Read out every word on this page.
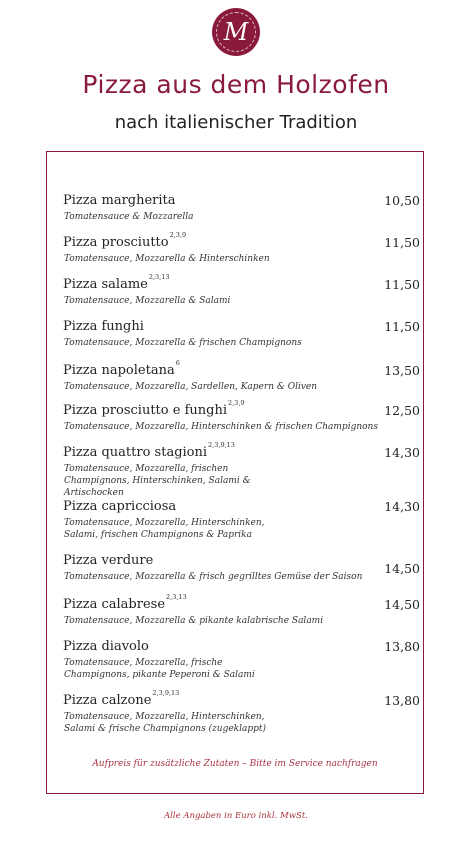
M
Pizza aus dem Holzofen
nach italienischer Tradition
Pizza margherita
Tomatensauce & Mozzarella
10,50
Pizza prosciutto$^{2,3,9}$
Tomatensauce, Mozzarella & Hinterschinken
11,50
Pizza salame$^{2,3,13}$
Tomatensauce, Mozzarella & Salami
11,50
Pizza funghi
Tomatensauce, Mozzarella & frischen Champignons
11,50
Pizza napoletana$^6$
Tomatensauce, Mozzarella, Sardellen, Kapern & Oliven
13,50
Pizza prosciutto e funghi$^{2,3,9}$
Tomatensauce, Mozzarella, Hinterschinken & frischen Champignons
12,50
Pizza quattro stagioni$^{2,3,9,13}$
Tomatensauce, Mozzarella, frischen Champignons, Hinterschinken, Salami & Artischocken
14,30
Pizza capricciosa
Tomatensauce, Mozzarella, Hinterschinken, Salami, frischen Champignons & Paprika
14,30
Pizza verdure
Tomatensauce, Mozzarella & frisch gegrilltes Gemüse der Saison
14,50
Pizza calabrese$^{2,3,13}$
Tomatensauce, Mozzarella & pikante kalabrische Salami
14,50
Pizza diavolo
Tomatensauce, Mozzarella, frische Champignons, pikante Peperoni & Salami
13,80
Pizza calzone$^{2,3,9,13}$
Tomatensauce, Mozzarella, Hinterschinken, Salami & frische Champignons (zugeklappt)
13,80
Aufpreis für zusätzliche Zutaten – Bitte im Service nachfragen
Alle Angaben in Euro inkl. MwSt.
